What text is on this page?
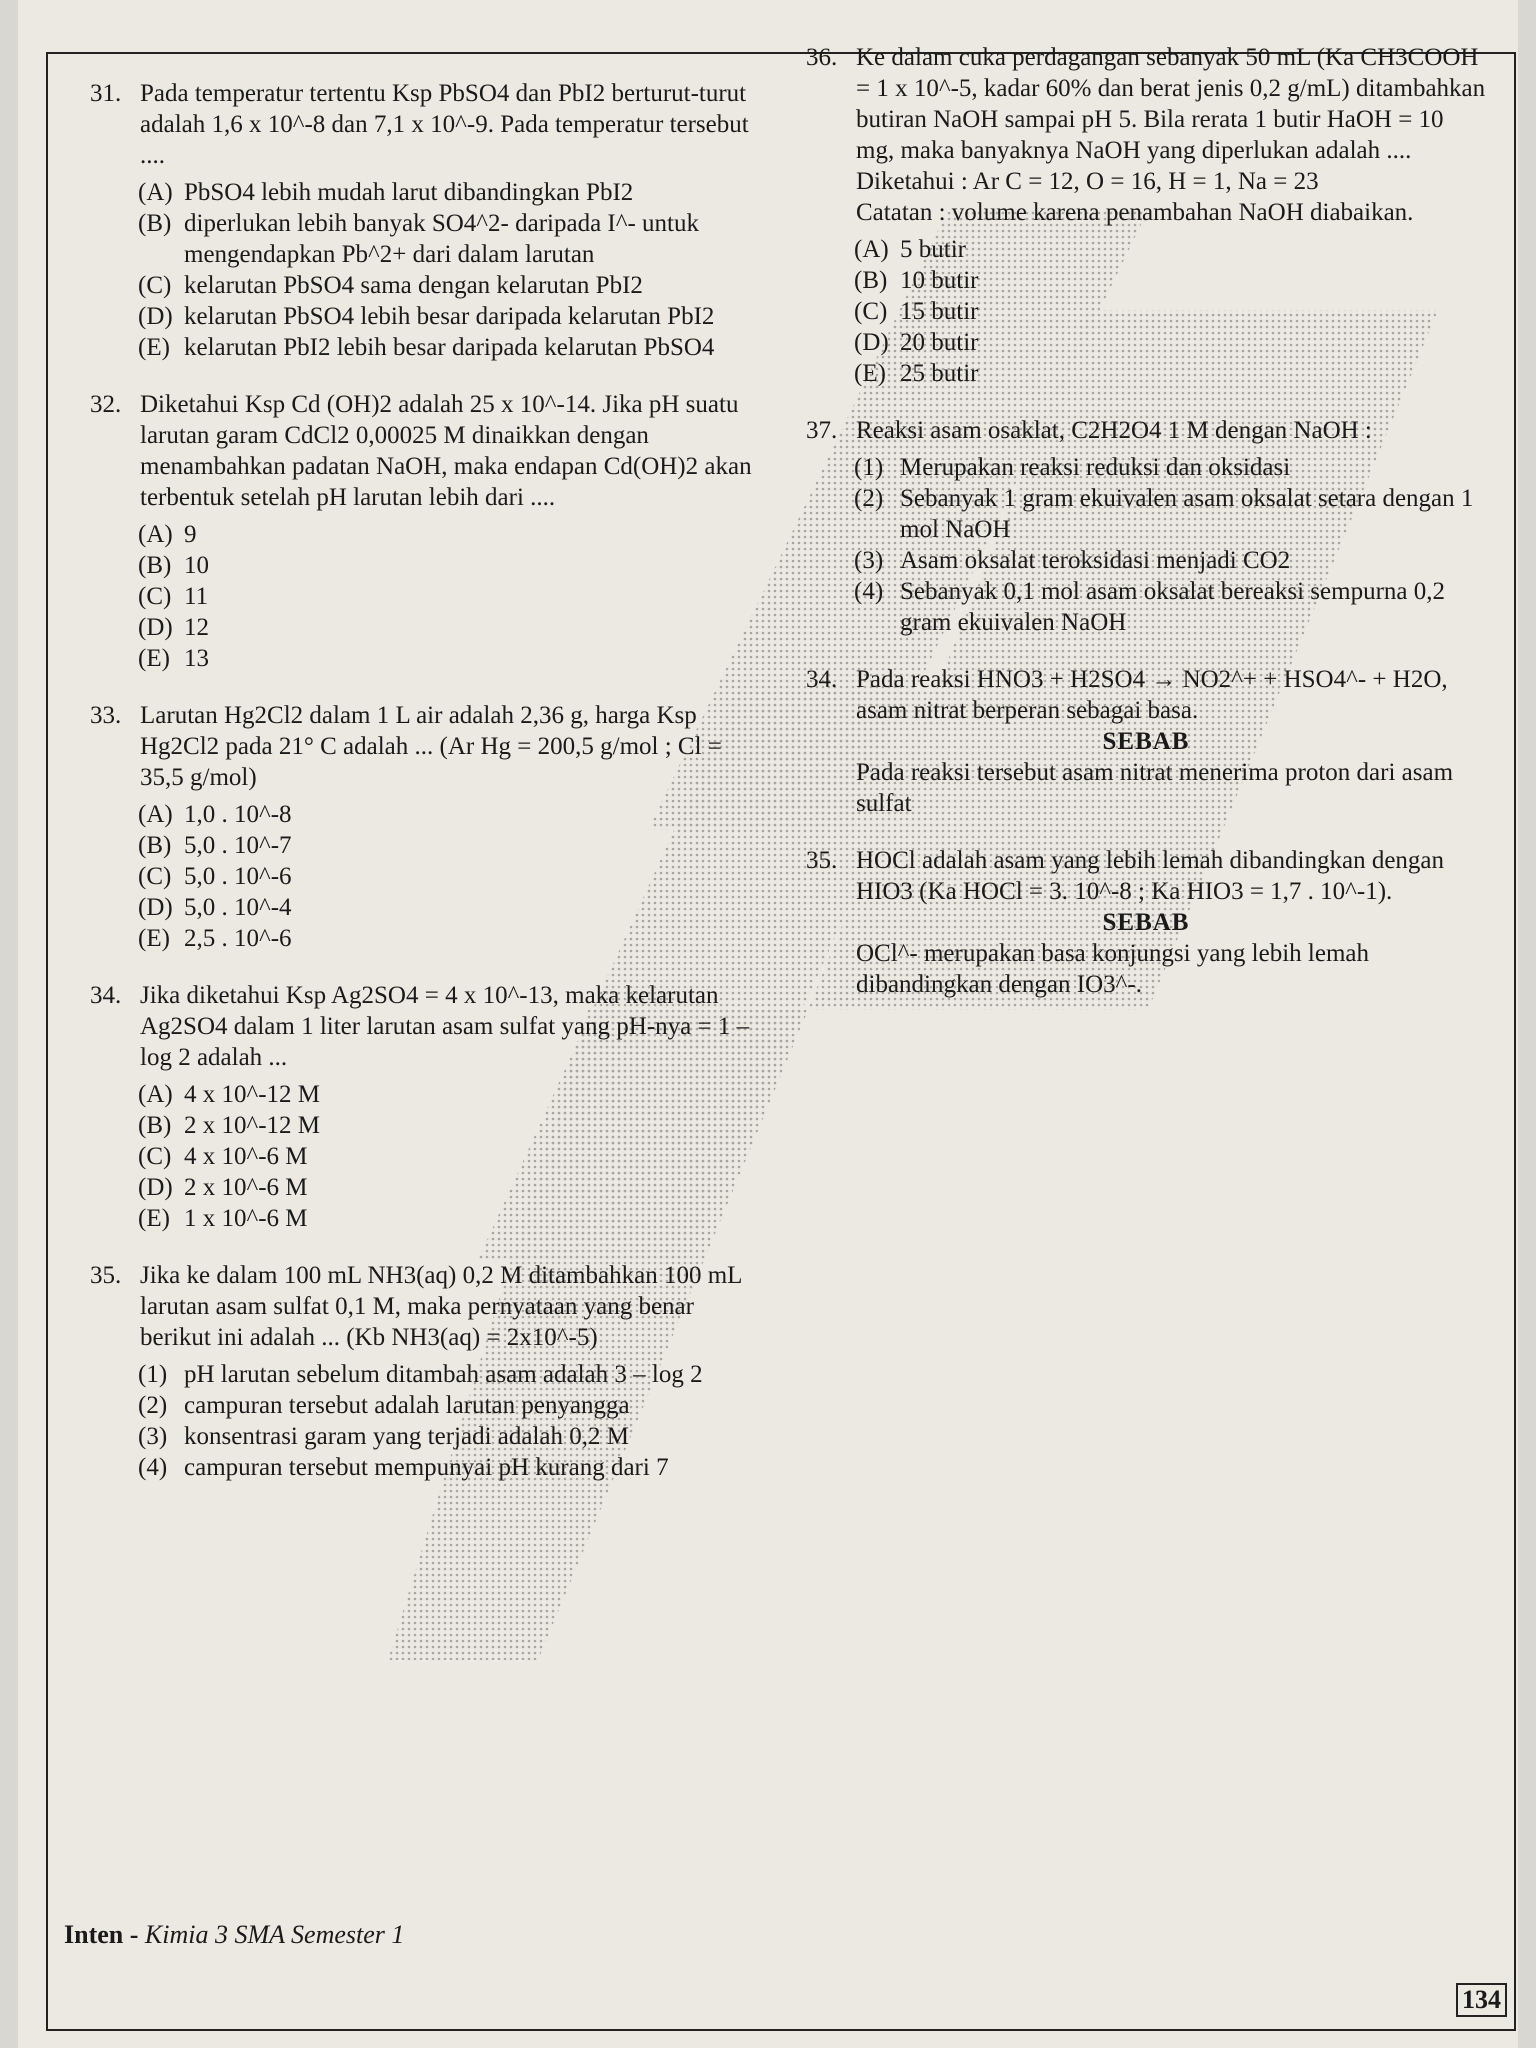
31. Pada temperatur tertentu Ksp PbSO4 dan PbI2 berturut-turut adalah 1,6 x 10^-8 dan 7,1 x 10^-9. Pada temperatur tersebut ....
(A) PbSO4 lebih mudah larut dibandingkan PbI2
(B) diperlukan lebih banyak SO4^2- daripada I^- untuk mengendapkan Pb^2+ dari dalam larutan
(C) kelarutan PbSO4 sama dengan kelarutan PbI2
(D) kelarutan PbSO4 lebih besar daripada kelarutan PbI2
(E) kelarutan PbI2 lebih besar daripada kelarutan PbSO4
32. Diketahui Ksp Cd (OH)2 adalah 25 x 10^-14. Jika pH suatu larutan garam CdCl2 0,00025 M dinaikkan dengan menambahkan padatan NaOH, maka endapan Cd(OH)2 akan terbentuk setelah pH larutan lebih dari ....
(A) 9
(B) 10
(C) 11
(D) 12
(E) 13
33. Larutan Hg2Cl2 dalam 1 L air adalah 2,36 g, harga Ksp Hg2Cl2 pada 21° C adalah ... (Ar Hg = 200,5 g/mol ; Cl = 35,5 g/mol)
(A) 1,0 . 10^-8
(B) 5,0 . 10^-7
(C) 5,0 . 10^-6
(D) 5,0 . 10^-4
(E) 2,5 . 10^-6
34. Jika diketahui Ksp Ag2SO4 = 4 x 10^-13, maka kelarutan Ag2SO4 dalam 1 liter larutan asam sulfat yang pH-nya = 1 – log 2 adalah ...
(A) 4 x 10^-12 M
(B) 2 x 10^-12 M
(C) 4 x 10^-6 M
(D) 2 x 10^-6 M
(E) 1 x 10^-6 M
35. Jika ke dalam 100 mL NH3(aq) 0,2 M ditambahkan 100 mL larutan asam sulfat 0,1 M, maka pernyataan yang benar berikut ini adalah ... (Kb NH3(aq) = 2x10^-5)
(1) pH larutan sebelum ditambah asam adalah 3 – log 2
(2) campuran tersebut adalah larutan penyangga
(3) konsentrasi garam yang terjadi adalah 0,2 M
(4) campuran tersebut mempunyai pH kurang dari 7
36. Ke dalam cuka perdagangan sebanyak 50 mL (Ka CH3COOH = 1 x 10^-5, kadar 60% dan berat jenis 0,2 g/mL) ditambahkan butiran NaOH sampai pH 5. Bila rerata 1 butir HaOH = 10 mg, maka banyaknya NaOH yang diperlukan adalah ....
Diketahui : Ar C = 12, O = 16, H = 1, Na = 23
Catatan : volume karena penambahan NaOH diabaikan.
(A) 5 butir
(B) 10 butir
(C) 15 butir
(D) 20 butir
(E) 25 butir
37. Reaksi asam osaklat, C2H2O4 1 M dengan NaOH :
(1) Merupakan reaksi reduksi dan oksidasi
(2) Sebanyak 1 gram ekuivalen asam oksalat setara dengan 1 mol NaOH
(3) Asam oksalat teroksidasi menjadi CO2
(4) Sebanyak 0,1 mol asam oksalat bereaksi sempurna 0,2 gram ekuivalen NaOH
34. Pada reaksi HNO3 + H2SO4 → NO2^+ + HSO4^- + H2O, asam nitrat berperan sebagai basa.
SEBAB
Pada reaksi tersebut asam nitrat menerima proton dari asam sulfat
35. HOCl adalah asam yang lebih lemah dibandingkan dengan HIO3 (Ka HOCl = 3. 10^-8 ; Ka HIO3 = 1,7 . 10^-1).
SEBAB
OCl^- merupakan basa konjungsi yang lebih lemah dibandingkan dengan IO3^-.
Inten - Kimia 3 SMA Semester 1
134
